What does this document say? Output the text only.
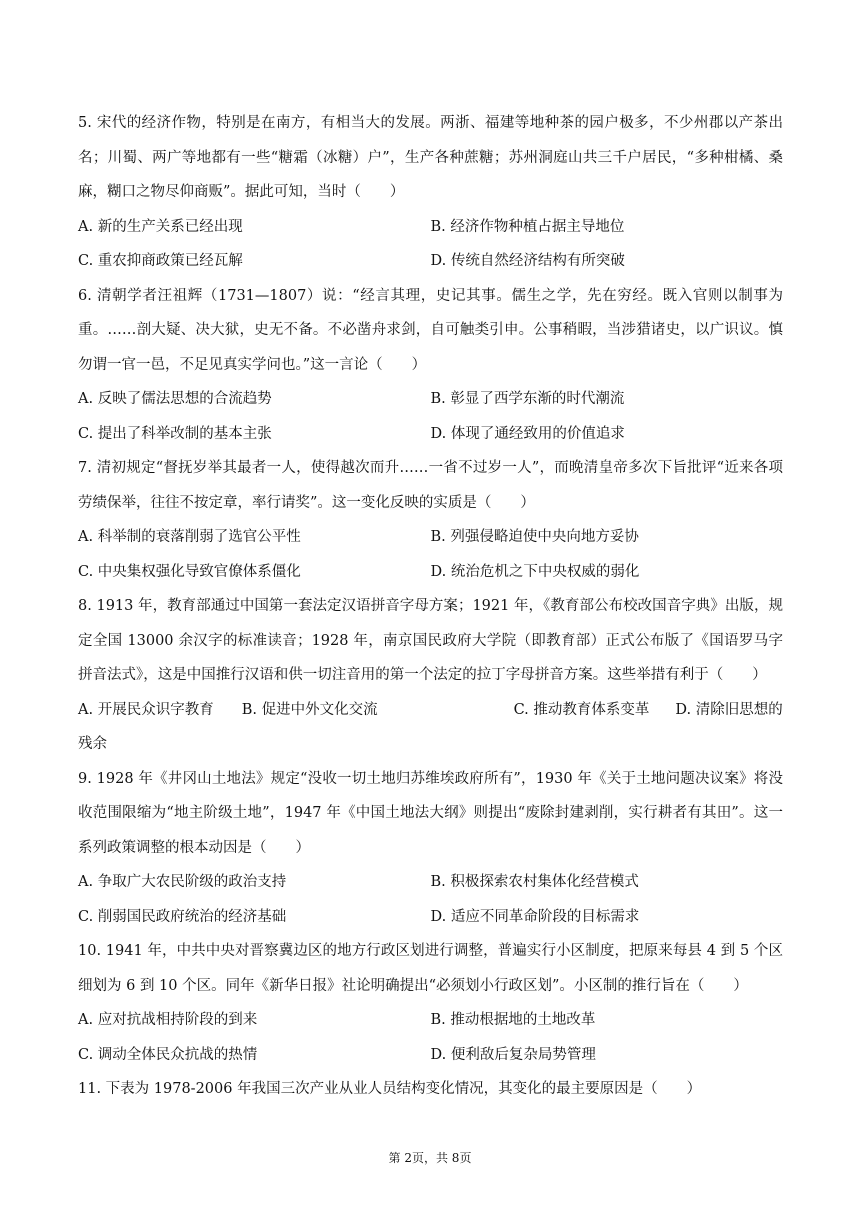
5. 宋代的经济作物，特别是在南方，有相当大的发展。两浙、福建等地种茶的园户极多，不少州郡以产茶出名；川蜀、两广等地都有一些“糖霜（冰糖）户”，生产各种蔗糖；苏州洞庭山共三千户居民，“多种柑橘、桑麻，糊口之物尽仰商贩”。据此可知，当时（　　）

A. 新的生产关系已经出现	B. 经济作物种植占据主导地位
C. 重农抑商政策已经瓦解	D. 传统自然经济结构有所突破

6. 清朝学者汪祖辉（1731—1807）说：“经言其理，史记其事。儒生之学，先在穷经。既入官则以制事为重。……剖大疑、决大狱，史无不备。不必凿舟求剑，自可触类引申。公事稍暇，当涉猎诸史，以广识议。慎勿谓一官一邑，不足见真实学问也。”这一言论（　　）

A. 反映了儒法思想的合流趋势	B. 彰显了西学东渐的时代潮流
C. 提出了科举改制的基本主张	D. 体现了通经致用的价值追求

7. 清初规定“督抚岁举其最者一人，使得越次而升……一省不过岁一人”，而晚清皇帝多次下旨批评“近来各项劳绩保举，往往不按定章，率行请奖”。这一变化反映的实质是（　　）

A. 科举制的衰落削弱了选官公平性	B. 列强侵略迫使中央向地方妥协
C. 中央集权强化导致官僚体系僵化	D. 统治危机之下中央权威的弱化

8. 1913 年，教育部通过中国第一套法定汉语拼音字母方案；1921 年，《教育部公布校改国音字典》出版，规定全国 13000 余汉字的标准读音；1928 年，南京国民政府大学院（即教育部）正式公布版了《国语罗马字拼音法式》，这是中国推行汉语和供一切注音用的第一个法定的拉丁字母拼音方案。这些举措有利于（　　）

A. 开展民众识字教育 B. 促进中外文化交流	C. 推动教育体系变革 D. 清除旧思想的残余

9. 1928 年《井冈山土地法》规定“没收一切土地归苏维埃政府所有”，1930 年《关于土地问题决议案》将没收范围限缩为“地主阶级土地”，1947 年《中国土地法大纲》则提出“废除封建剥削，实行耕者有其田”。这一系列政策调整的根本动因是（　　）

A. 争取广大农民阶级的政治支持	B. 积极探索农村集体化经营模式
C. 削弱国民政府统治的经济基础	D. 适应不同革命阶段的目标需求

10. 1941 年，中共中央对晋察冀边区的地方行政区划进行调整，普遍实行小区制度，把原来每县 4 到 5 个区细划为 6 到 10 个区。同年《新华日报》社论明确提出“必须划小行政区划”。小区制的推行旨在（　　）

A. 应对抗战相持阶段的到来	B. 推动根据地的土地改革
C. 调动全体民众抗战的热情	D. 便利敌后复杂局势管理

11. 下表为 1978-2006 年我国三次产业从业人员结构变化情况，其变化的最主要原因是（　　）

第 2页，共 8页
